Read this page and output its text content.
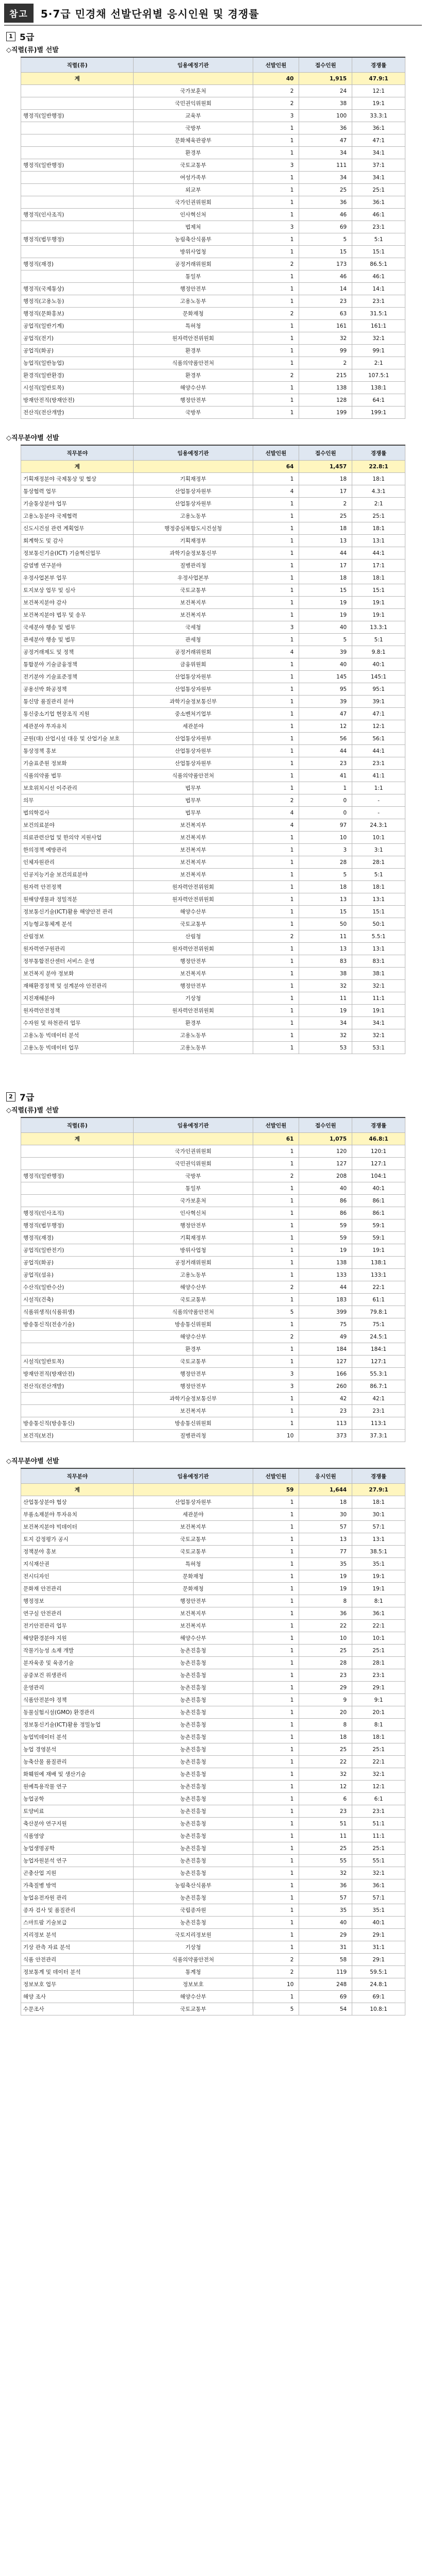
참고	5·7급 민경채 선발단위별 응시인원 및 경쟁률
1 5급
◇직렬(류)별 선발
직렬(류)	임용예정기관	선발인원	접수인원	경쟁률
계		40	1,915	47.9:1
	국가보훈처	2	24	12:1
	국민권익위원회	2	38	19:1
행정직(일반행정)	교육부	3	100	33.3:1
	국방부	1	36	36:1
	문화체육관광부	1	47	47:1
	환경부	1	34	34:1
행정직(일반행정)	국토교통부	3	111	37:1
	여성가족부	1	34	34:1
	외교부	1	25	25:1
	국가인권위원회	1	36	36:1
행정직(인사조직)	인사혁신처	1	46	46:1
	법제처	3	69	23:1
행정직(법무행정)	농림축산식품부	1	5	5:1
	방위사업청	1	15	15:1
행정직(재경)	공정거래위원회	2	173	86.5:1
	통일부	1	46	46:1
행정직(국제통상)	행정안전부	1	14	14:1
행정직(고용노동)	고용노동부	1	23	23:1
행정직(문화홍보)	문화재청	2	63	31.5:1
공업직(일반기계)	특허청	1	161	161:1
공업직(전기)	원자력안전위원회	1	32	32:1
공업직(화공)	환경부	1	99	99:1
농업직(일반농업)	식품의약품안전처	1	2	2:1
환경직(일반환경)	환경부	2	215	107.5:1
시설직(일반토목)	해양수산부	1	138	138:1
방재안전직(방재안전)	행정안전부	1	128	64:1
전산직(전산개발)	국방부	1	199	199:1
◇직무분야별 선발
직무분야	임용예정기관	선발인원	접수인원	경쟁률
계		64	1,457	22.8:1
기획재정분야 국제통상 및 협상	기획재정부	1	18	18:1
통상협력 업무	산업통상자원부	4	17	4.3:1
기술통상분야 업무	산업통상자원부	1	2	2:1
고용노동분야 국제협력	고용노동부	1	25	25:1
신도시건설 관련 계획업무	행정중심복합도시건설청	1	18	18:1
회계학도 및 감사	기획재정부	1	13	13:1
정보통신기술(ICT) 기술혁신업무	과학기술정보통신부	1	44	44:1
감염병 연구분야	질병관리청	1	17	17:1
우정사업본부 업무	우정사업본부	1	18	18:1
토지보상 업무 및 심사	국토교통부	1	15	15:1
보건복지분야 감사	보건복지부	1	19	19:1
보건복지분야 법무 및 송무	보건복지부	1	19	19:1
국세분야 행송 및 법무	국세청	3	40	13.3:1
관세분야 행송 및 법무	관세청	1	5	5:1
공정거래제도 및 정책	공정거래위원회	4	39	9.8:1
통합분야 기술금융정책	금융위원회	1	40	40:1
전기분야 기술표준정책	산업통상자원부	1	145	145:1
공용선박 화공정책	산업통상자원부	1	95	95:1
통신망 품질관리 분야	과학기술정보통신부	1	39	39:1
통신중소기업 현장조직 지원	중소벤처기업부	1	47	47:1
세관분야 투자유치	세관분야	1	12	12:1
군원(대) 산업시설 대응 및 산업기술 보호	산업통상자원부	1	56	56:1
통상정책 홍보	산업통상자원부	1	44	44:1
기술표준원 정보화	산업통상자원부	1	23	23:1
식품의약품 법무	식품의약품안전처	1	41	41:1
보호위치시선 이주관리	법무부	1	1	1:1
의무	법무부	2	0	-
법의학검사	법무부	4	0	-
보건의료분야	보건복지부	4	97	24.3:1
의료관련산업 및 한의약 지원사업	보건복지부	1	10	10:1
한의정책 예방관리	보건복지부	1	3	3:1
인체자원관리	보건복지부	1	28	28:1
인공지능기술 보건의료분야	보건복지부	1	5	5:1
원자력 안전정책	원자력안전위원회	1	18	18:1
원해양생물과 정밀적분	원자력안전위원회	1	13	13:1
정보통신기술(ICT)활용 해양안전 관리	해양수산부	1	15	15:1
지능형교통체계 분석	국토교통부	1	50	50:1
산림정보	산림청	2	11	5.5:1
원자력연구원관리	원자력안전위원회	1	13	13:1
정부통합전산센터 서비스 운영	행정안전부	1	83	83:1
보건복지 분야 정보화	보건복지부	1	38	38:1
재해환경정책 및 설계분야 안전관리	행정안전부	1	32	32:1
지진재해분야	기상청	1	11	11:1
원자력안전정책	원자력안전위원회	1	19	19:1
수자원 및 하천관리 업무	환경부	1	34	34:1
고용노동 빅데이터 분석	고용노동부	1	32	32:1
고용노동 빅데이터 업무	고용노동부	1	53	53:1
2 7급
◇직렬(류)별 선발
직렬(류)	임용예정기관	선발인원	접수인원	경쟁률
계		61	1,075	46.8:1
	국가인권위원회	1	120	120:1
	국민권익위원회	1	127	127:1
행정직(일반행정)	국방부	2	208	104:1
	통일부	1	40	40:1
	국가보훈처	1	86	86:1
행정직(인사조직)	인사혁신처	1	86	86:1
행정직(법무행정)	행정안전부	1	59	59:1
행정직(재경)	기획재정부	1	59	59:1
공업직(일반전기)	방위사업청	1	19	19:1
공업직(화공)	공정거래위원회	1	138	138:1
공업직(섬유)	고용노동부	1	133	133:1
수산직(일반수산)	해양수산부	2	44	22:1
시설직(건축)	국토교통부	1	183	61:1
식품위생직(식품위생)	식품의약품안전처	5	399	79.8:1
방송통신직(전송기술)	방송통신위원회	1	75	75:1
	해양수산부	2	49	24.5:1
	환경부	1	184	184:1
시설직(일반토목)	국토교통부	1	127	127:1
방재안전직(방재안전)	행정안전부	3	166	55.3:1
전산직(전산개발)	행정안전부	3	260	86.7:1
	과학기술정보통신부	1	42	42:1
	보건복지부	1	23	23:1
방송통신직(방송통신)	방송통신위원회	1	113	113:1
보건직(보건)	질병관리청	10	373	37.3:1
◇직무분야별 선발
직무분야	임용예정기관	선발인원	응시인원	경쟁률
계		59	1,644	27.9:1
산업통상분야 협상	산업통상자원부	1	18	18:1
부품소재분야 투자유치	세관분야	1	30	30:1
보건복지분야 빅데이터	보건복지부	1	57	57:1
토지 감정평가 공시	국토교통부	1	13	13:1
정책분야 홍보	국토교통부	1	77	38.5:1
지식재산권	특허청	1	35	35:1
전시디자인	문화재청	1	19	19:1
문화재 안전관리	문화재청	1	19	19:1
행정정보	행정안전부	1	8	8:1
연구실 안전관리	보건복지부	1	36	36:1
전기안전관리 업무	보건복지부	1	22	22:1
해양환경분야 지원	해양수산부	1	10	10:1
작물기능성 소재 개발	농촌진흥청	1	25	25:1
분자육종 및 육종기술	농촌진흥청	1	28	28:1
공중보건 위생관리	농촌진흥청	1	23	23:1
운영관리	농촌진흥청	1	29	29:1
식품안전분야 정책	농촌진흥청	1	9	9:1
동물실험시설(GMO) 환경관리	농촌진흥청	1	20	20:1
정보통신기술(ICT)활용 정밀농업	농촌진흥청	1	8	8:1
농업빅데이터 분석	농촌진흥청	1	18	18:1
농업 경영분석	농촌진흥청	1	25	25:1
농축산물 품질관리	농촌진흥청	1	22	22:1
화훼원예 재배 및 생산기술	농촌진흥청	1	32	32:1
원예특용작물 연구	농촌진흥청	1	12	12:1
농업공학	농촌진흥청	1	6	6:1
토양비료	농촌진흥청	1	23	23:1
축산분야 연구지원	농촌진흥청	1	51	51:1
식품영양	농촌진흥청	1	11	11:1
농업생명공학	농촌진흥청	1	25	25:1
농업자원분석 연구	농촌진흥청	1	55	55:1
곤충산업 지원	농촌진흥청	1	32	32:1
가축질병 방역	농림축산식품부	1	36	36:1
농업유전자원 관리	농촌진흥청	1	57	57:1
종자 검사 및 품질관리	국립종자원	1	35	35:1
스마트팜 기술보급	농촌진흥청	1	40	40:1
지리정보 분석	국토지리정보원	1	29	29:1
기상 관측 자료 분석	기상청	1	31	31:1
식품 안전관리	식품의약품안전처	2	58	29:1
정보통계 및 데이터 분석	통계청	2	119	59.5:1
정보보호 업무	정보보호	10	248	24.8:1
해양 조사	해양수산부	1	69	69:1
수문조사	국토교통부	5	54	10.8:1
